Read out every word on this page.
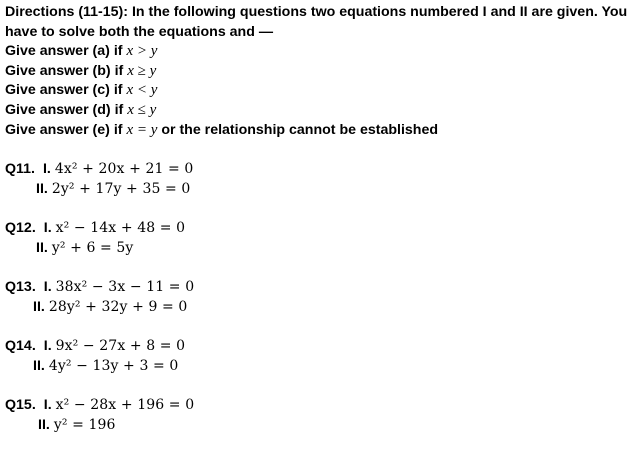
Directions (11-15): In the following questions two equations numbered I and II are given. You
have to solve both the equations and —
Give answer (a) if x > y
Give answer (b) if x ≥ y
Give answer (c) if x < y
Give answer (d) if x ≤ y
Give answer (e) if x = y or the relationship cannot be established
Q11. I. 4x² + 20x + 21 = 0
II. 2y² + 17y + 35 = 0
Q12. I. x² − 14x + 48 = 0
II. y² + 6 = 5y
Q13. I. 38x² − 3x − 11 = 0
II. 28y² + 32y + 9 = 0
Q14. I. 9x² − 27x + 8 = 0
II. 4y² − 13y + 3 = 0
Q15. I. x² − 28x + 196 = 0
II. y² = 196
